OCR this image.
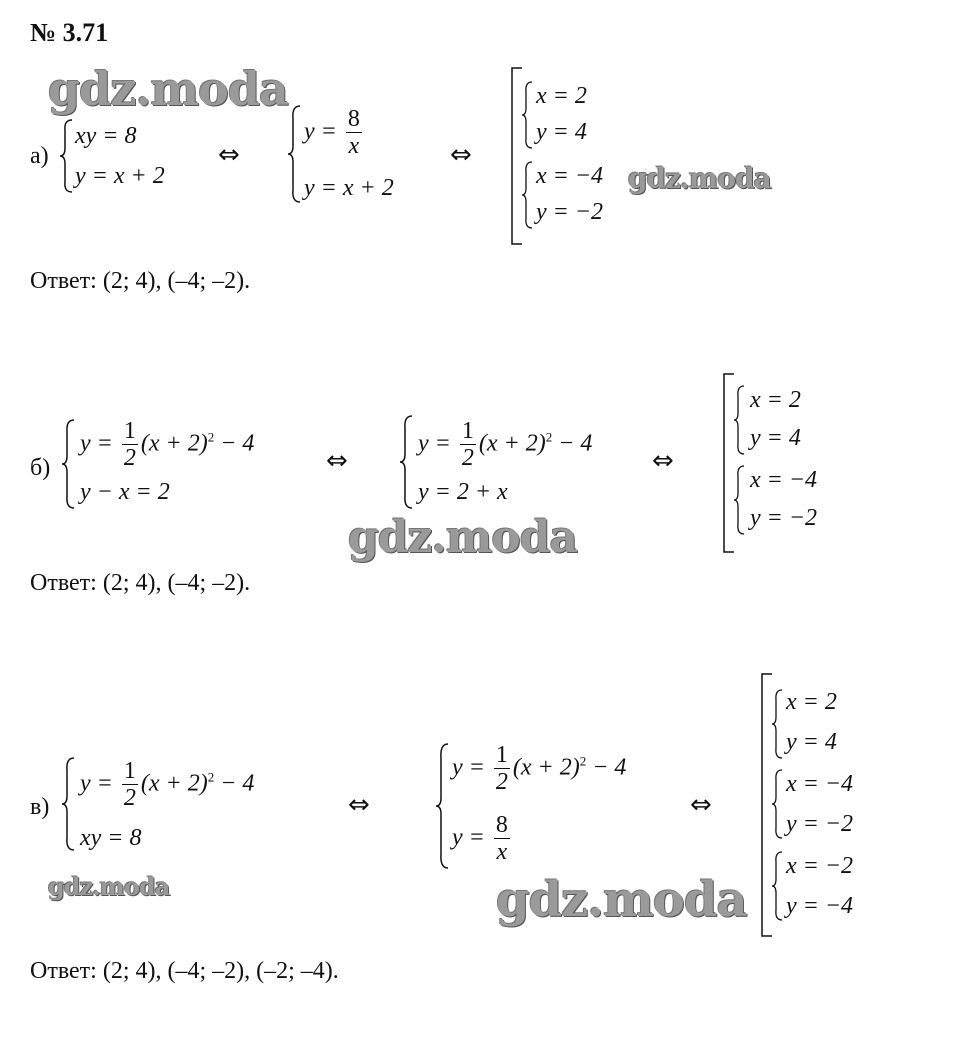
№ 3.71
gdz.moda
gdz.moda
gdz.moda
gdz.moda	gdz.moda
а)
xy = 8
y = x + 2
⇔
$y = \frac{8}{x}$
y = x + 2
⇔
x = 2
y = 4
x = −4
y = −2
Ответ: (2; 4), (–4; –2).
б)
$y = \frac{1}{2} (x + 2)^2 - 4$
y − x = 2
⇔
$y = \frac{1}{2} (x + 2)^2 - 4$
y = 2 + x
⇔
x = 2
y = 4
x = −4
y = −2
Ответ: (2; 4), (–4; –2).
в)
$y = \frac{1}{2} (x + 2)^2 - 4$
xy = 8
⇔
$y = \frac{1}{2} (x + 2)^2 - 4$
$y = \frac{8}{x}$
⇔
x = 2
y = 4
x = −4
y = −2
x = −2
y = −4
Ответ: (2; 4), (–4; –2), (–2; –4).
